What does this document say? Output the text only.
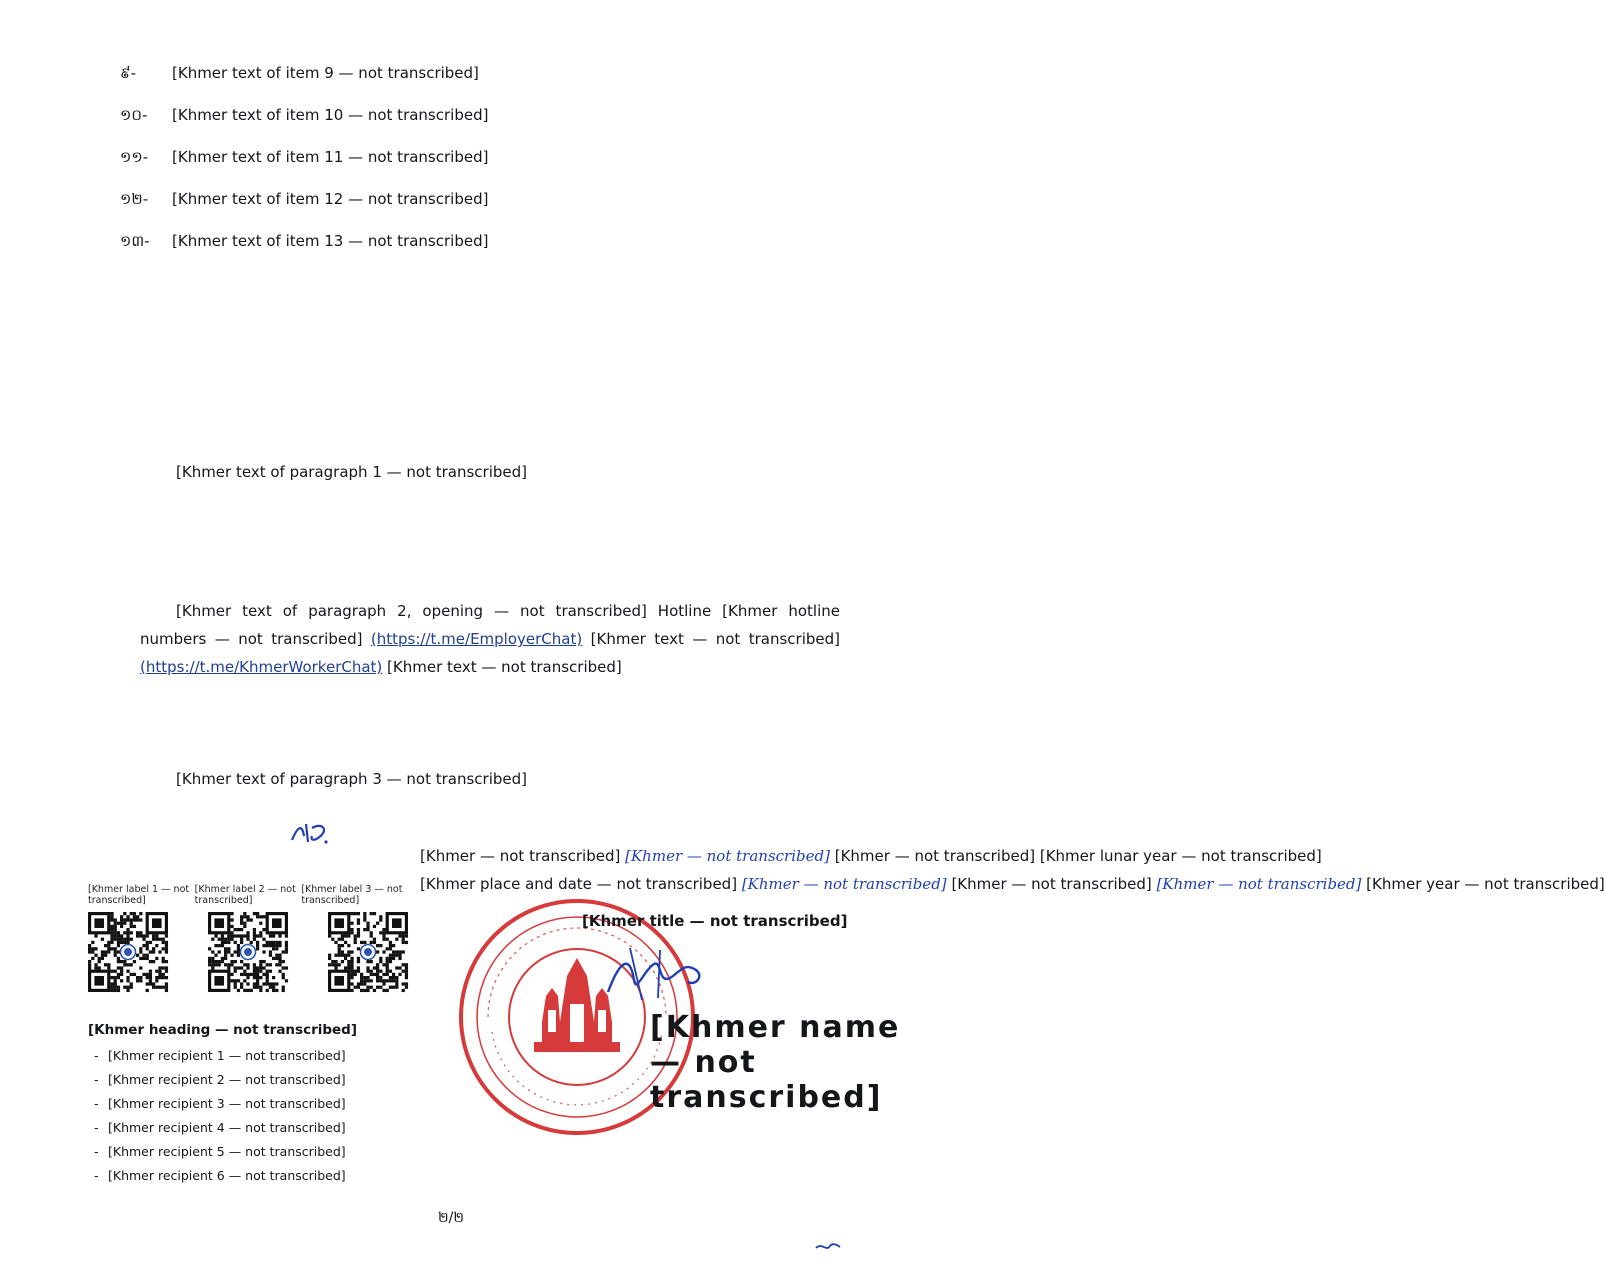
៩- [Khmer text of item 9 — not transcribed]
១០- [Khmer text of item 10 — not transcribed]
១១- [Khmer text of item 11 — not transcribed]
១២- [Khmer text of item 12 — not transcribed]
១៣- [Khmer text of item 13 — not transcribed]

[Khmer text of paragraph 1 — not transcribed]

[Khmer text of paragraph 2, opening — not transcribed] Hotline [Khmer hotline numbers — not transcribed] (https://t.me/EmployerChat) [Khmer text — not transcribed] (https://t.me/KhmerWorkerChat) [Khmer text — not transcribed]

[Khmer text of paragraph 3 — not transcribed]

[Khmer — not transcribed] [Khmer — not transcribed] [Khmer — not transcribed] [Khmer lunar year — not transcribed]
[Khmer place and date — not transcribed] [Khmer — not transcribed] [Khmer — not transcribed] [Khmer — not transcribed] [Khmer year — not transcribed]
[Khmer title — not transcribed]
[Khmer name — not transcribed]
[Khmer label 1 — not transcribed]
[Khmer label 2 — not transcribed]
[Khmer label 3 — not transcribed]
[Khmer heading — not transcribed]
- [Khmer recipient 1 — not transcribed]
- [Khmer recipient 2 — not transcribed]
- [Khmer recipient 3 — not transcribed]
- [Khmer recipient 4 — not transcribed]
- [Khmer recipient 5 — not transcribed]
- [Khmer recipient 6 — not transcribed]
២/២
